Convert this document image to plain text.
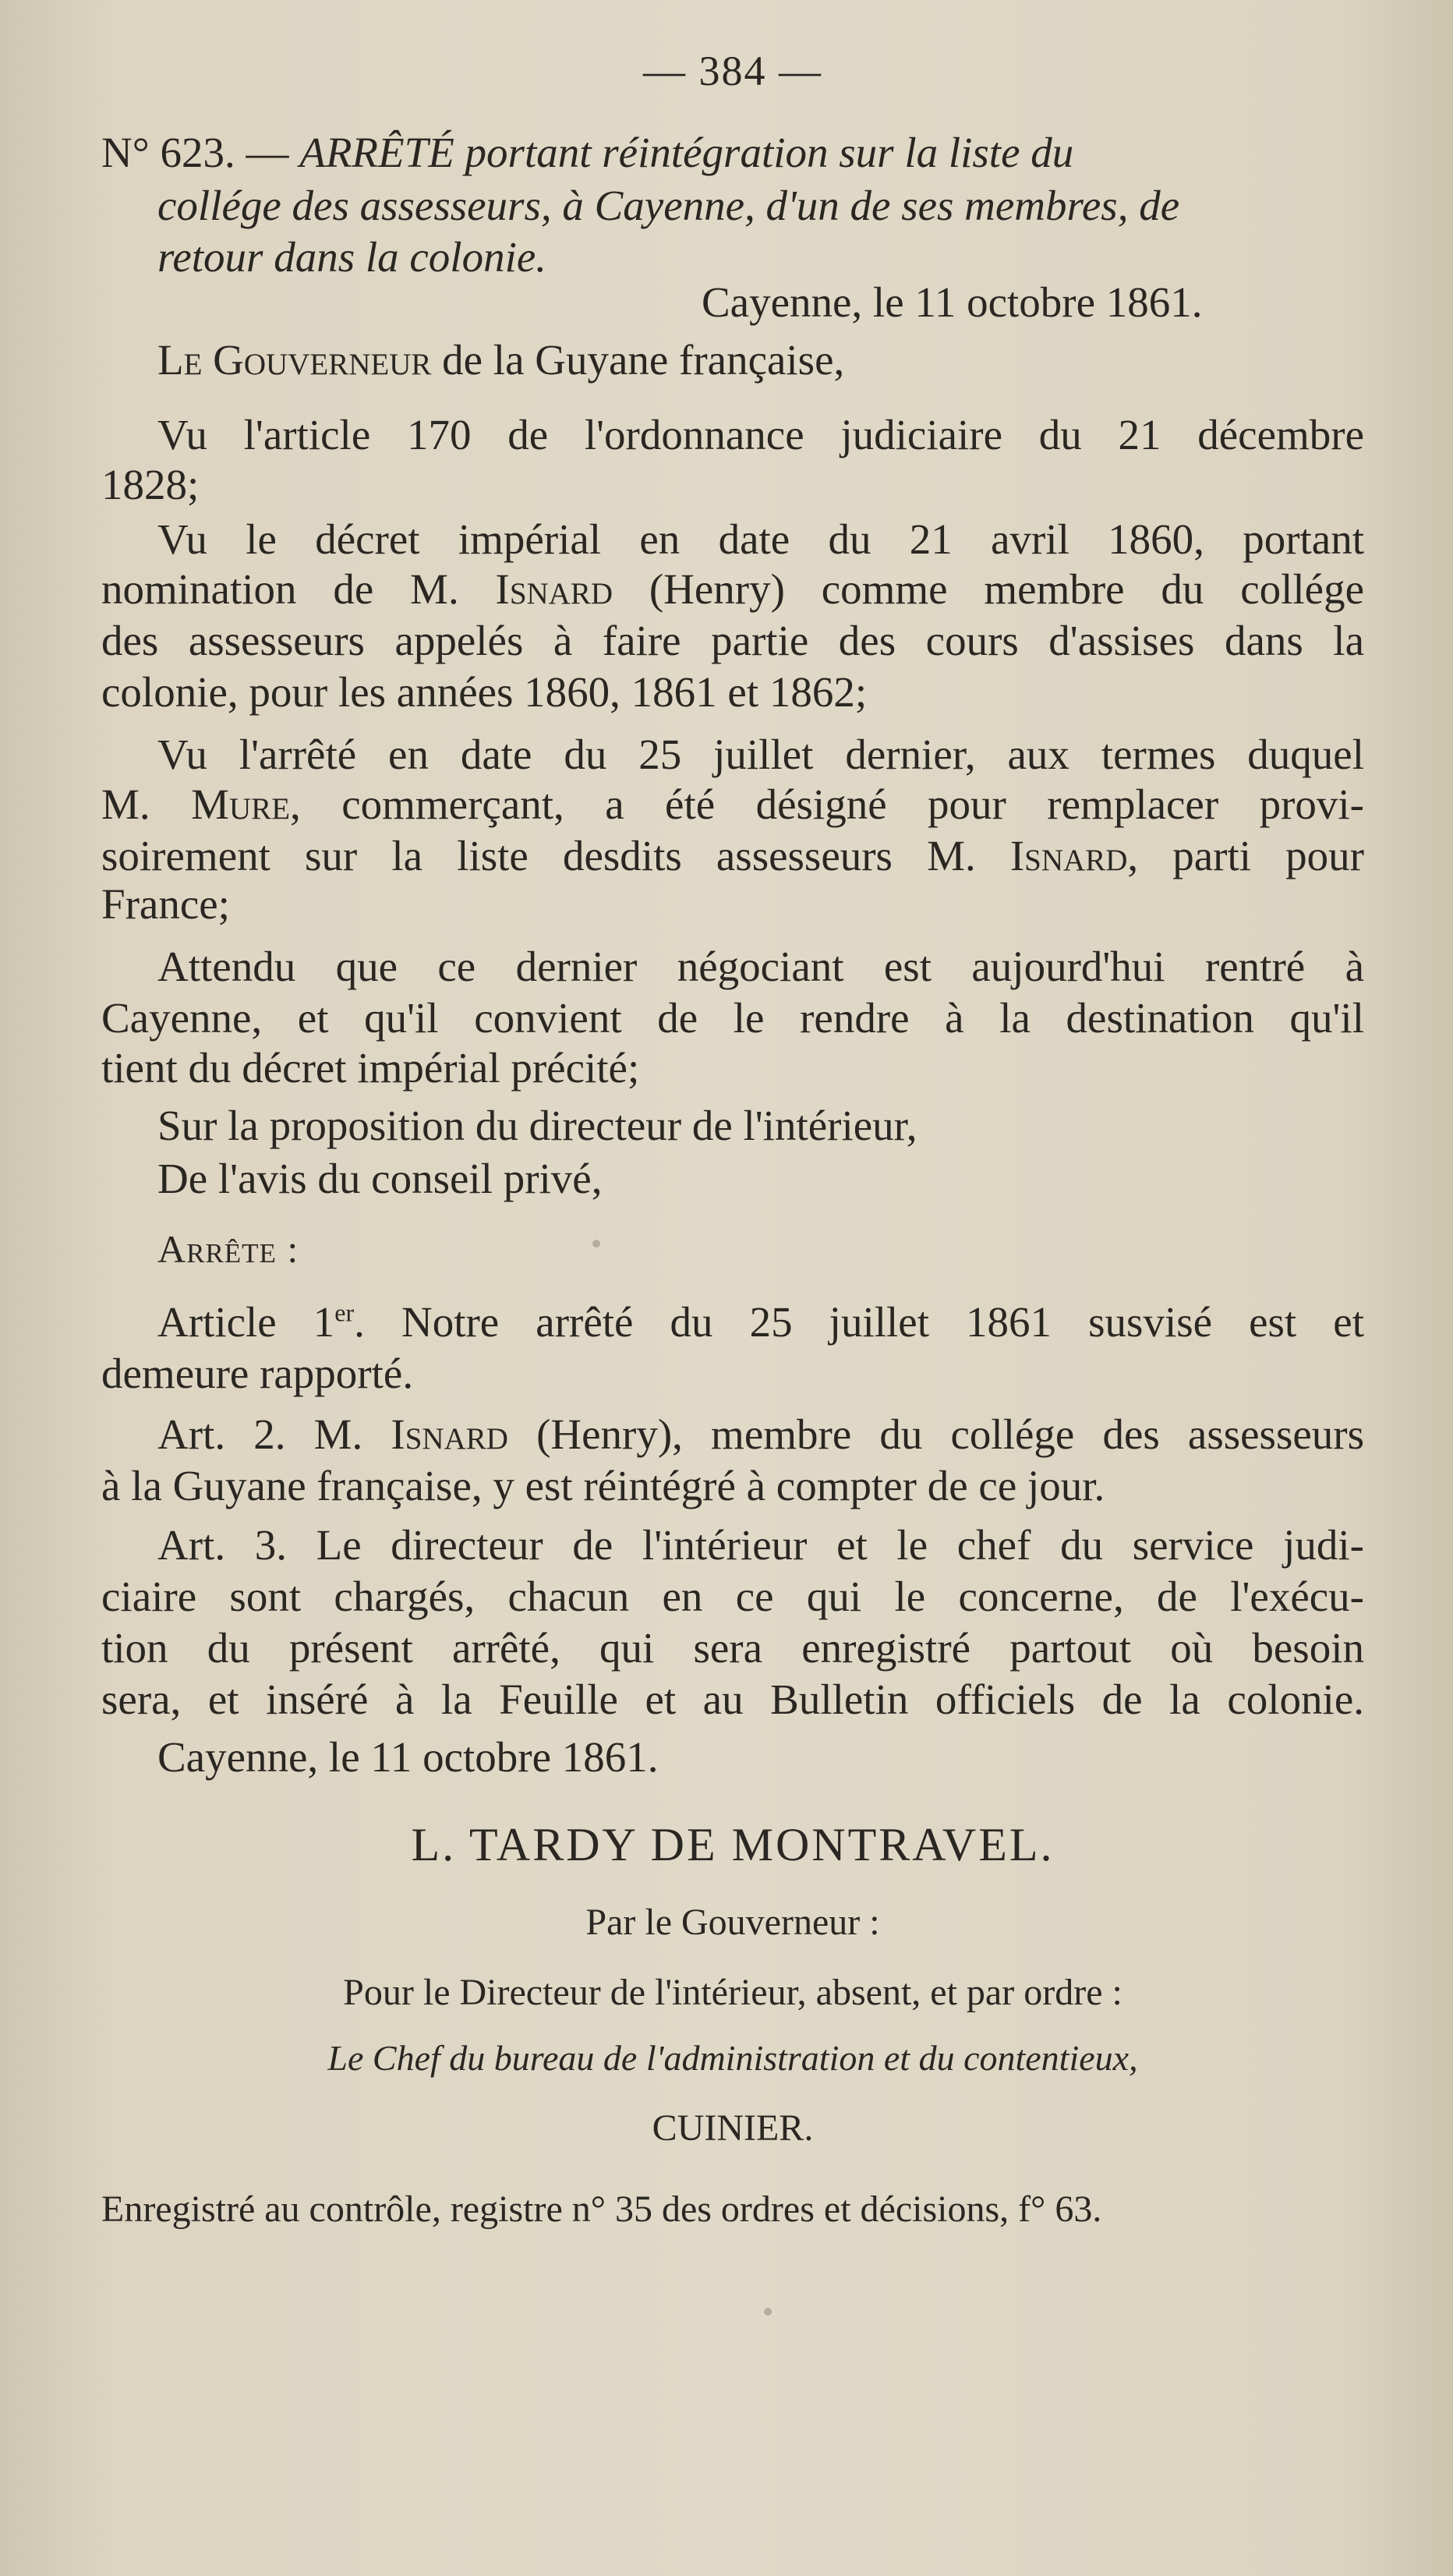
— 384 —
N° 623. — ARRÊTÉ portant réintégration sur la liste du
collége des assesseurs, à Cayenne, d'un de ses membres, de
retour dans la colonie.
Cayenne, le 11 octobre 1861.
Le Gouverneur de la Guyane française,
Vu l'article 170 de l'ordonnance judiciaire du 21 décembre
1828;
Vu le décret impérial en date du 21 avril 1860, portant
nomination de M. Isnard (Henry) comme membre du collége
des assesseurs appelés à faire partie des cours d'assises dans la
colonie, pour les années 1860, 1861 et 1862;
Vu l'arrêté en date du 25 juillet dernier, aux termes duquel
M. Mure, commerçant, a été désigné pour remplacer provi-
soirement sur la liste desdits assesseurs M. Isnard, parti pour
France;
Attendu que ce dernier négociant est aujourd'hui rentré à
Cayenne, et qu'il convient de le rendre à la destination qu'il
tient du décret impérial précité;
Sur la proposition du directeur de l'intérieur,
De l'avis du conseil privé,
Arrête :
Article 1er. Notre arrêté du 25 juillet 1861 susvisé est et
demeure rapporté.
Art. 2. M. Isnard (Henry), membre du collége des assesseurs
à la Guyane française, y est réintégré à compter de ce jour.
Art. 3. Le directeur de l'intérieur et le chef du service judi-
ciaire sont chargés, chacun en ce qui le concerne, de l'exécu-
tion du présent arrêté, qui sera enregistré partout où besoin
sera, et inséré à la Feuille et au Bulletin officiels de la colonie.
Cayenne, le 11 octobre 1861.
L. TARDY DE MONTRAVEL.
Par le Gouverneur :
Pour le Directeur de l'intérieur, absent, et par ordre :
Le Chef du bureau de l'administration et du contentieux,
CUINIER.
Enregistré au contrôle, registre n° 35 des ordres et décisions, f° 63.
